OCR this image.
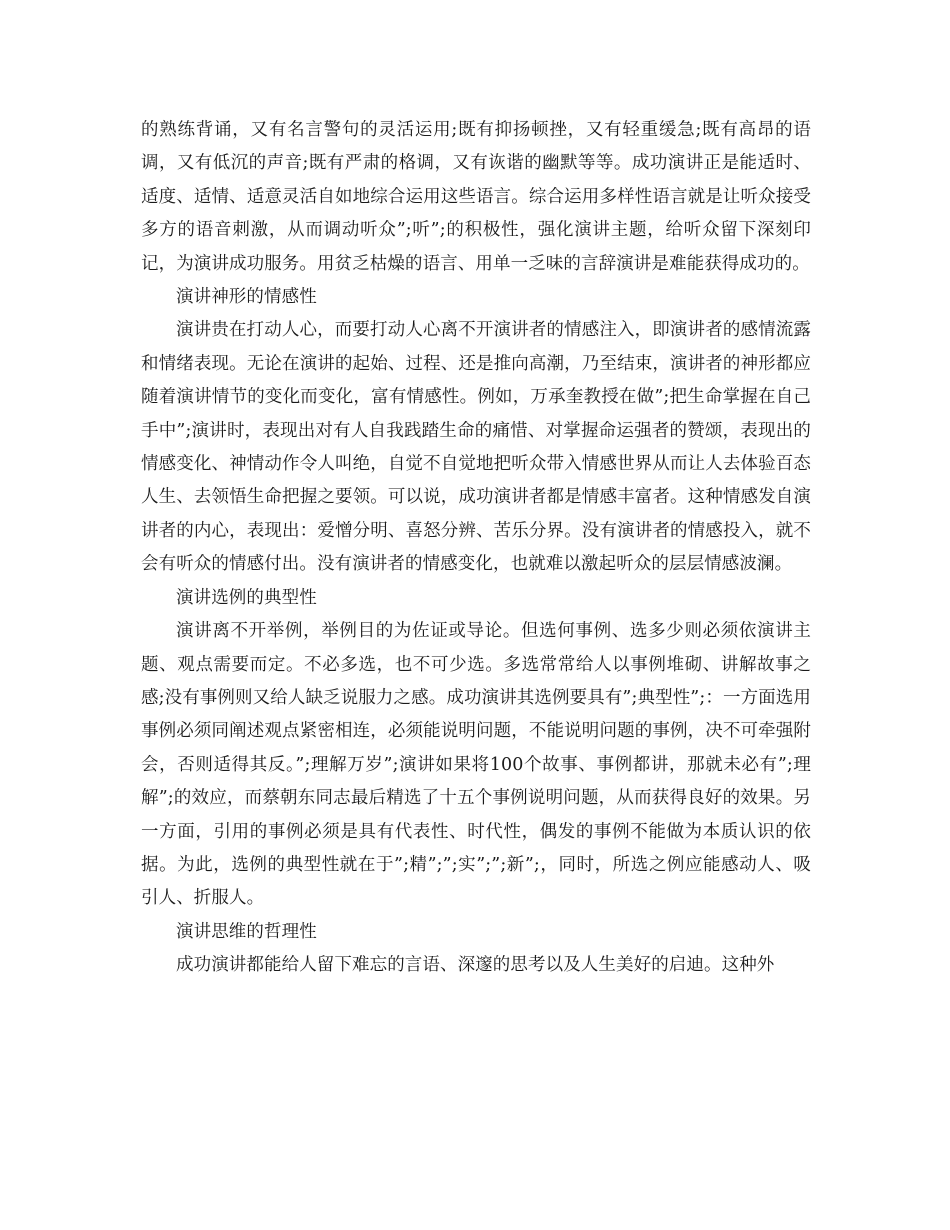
的熟练背诵，又有名言警句的灵活运用;既有抑扬顿挫，又有轻重缓急;既有高昂的语调，又有低沉的声音;既有严肃的格调，又有诙谐的幽默等等。成功演讲正是能适时、适度、适情、适意灵活自如地综合运用这些语言。综合运用多样性语言就是让听众接受多方的语音刺激，从而调动听众”;听”;的积极性，强化演讲主题，给听众留下深刻印记，为演讲成功服务。用贫乏枯燥的语言、用单一乏味的言辞演讲是难能获得成功的。

演讲神形的情感性

演讲贵在打动人心，而要打动人心离不开演讲者的情感注入，即演讲者的感情流露和情绪表现。无论在演讲的起始、过程、还是推向高潮，乃至结束，演讲者的神形都应随着演讲情节的变化而变化，富有情感性。例如，万承奎教授在做”;把生命掌握在自己手中”;演讲时，表现出对有人自我践踏生命的痛惜、对掌握命运强者的赞颂，表现出的情感变化、神情动作令人叫绝，自觉不自觉地把听众带入情感世界从而让人去体验百态人生、去领悟生命把握之要领。可以说，成功演讲者都是情感丰富者。这种情感发自演讲者的内心，表现出：爱憎分明、喜怒分辨、苦乐分界。没有演讲者的情感投入，就不会有听众的情感付出。没有演讲者的情感变化，也就难以激起听众的层层情感波澜。

演讲选例的典型性

演讲离不开举例，举例目的为佐证或导论。但选何事例、选多少则必须依演讲主题、观点需要而定。不必多选，也不可少选。多选常常给人以事例堆砌、讲解故事之感;没有事例则又给人缺乏说服力之感。成功演讲其选例要具有”;典型性”;：一方面选用事例必须同阐述观点紧密相连，必须能说明问题，不能说明问题的事例，决不可牵强附会，否则适得其反。”;理解万岁”;演讲如果将100个故事、事例都讲，那就未必有”;理解”;的效应，而蔡朝东同志最后精选了十五个事例说明问题，从而获得良好的效果。另一方面，引用的事例必须是具有代表性、时代性，偶发的事例不能做为本质认识的依据。为此，选例的典型性就在于”;精”;”;实”;”;新”;，同时，所选之例应能感动人、吸引人、折服人。

演讲思维的哲理性

成功演讲都能给人留下难忘的言语、深邃的思考以及人生美好的启迪。这种外
